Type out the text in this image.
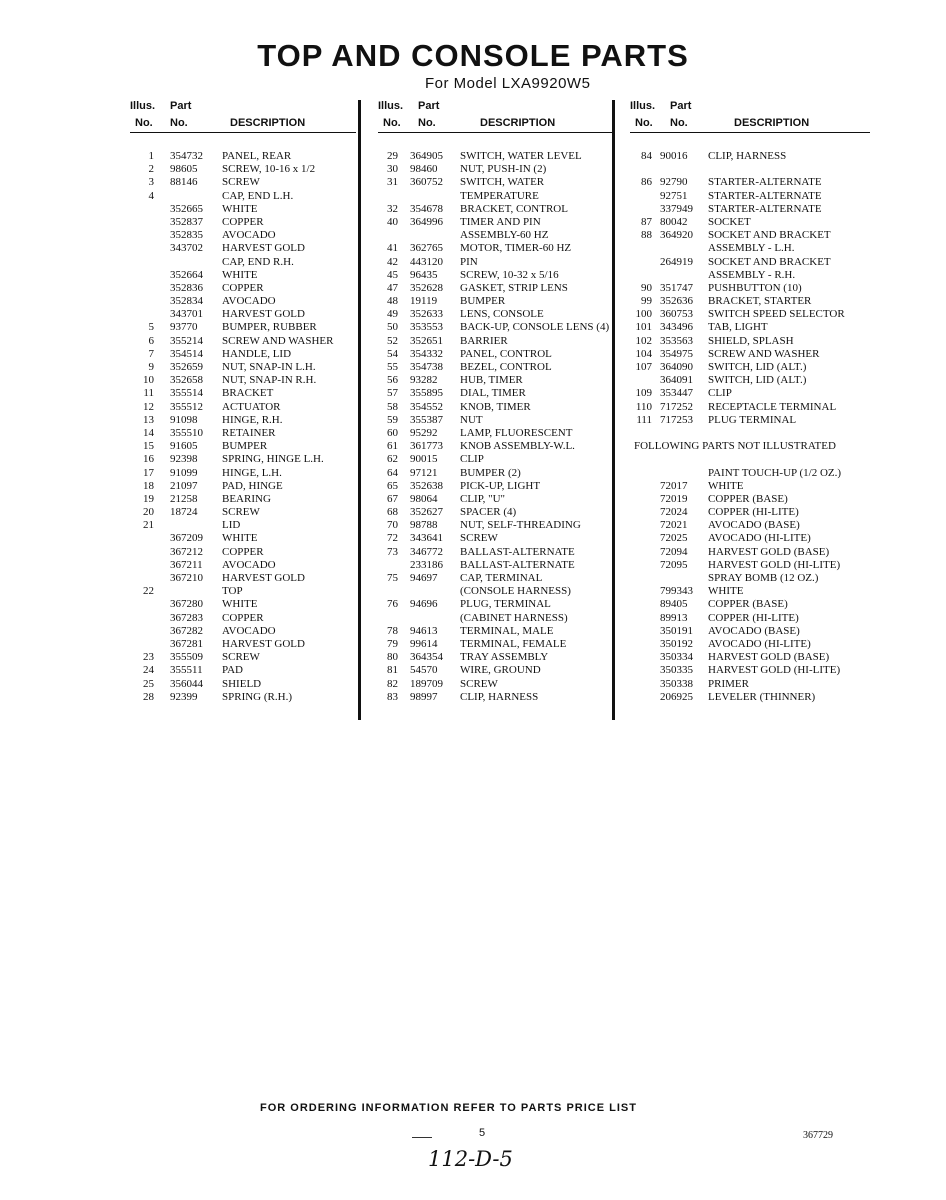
TOP AND CONSOLE PARTS
For Model LXA9920W5
Illus. Part
No. No.	DESCRIPTION
1 354732 PANEL, REAR
2 98605 SCREW, 10-16 x 1/2
3 88146 SCREW
4	CAP, END L.H.
352665 WHITE
352837 COPPER
352835 AVOCADO
343702 HARVEST GOLD
CAP, END R.H.
352664 WHITE
352836 COPPER
352834 AVOCADO
343701 HARVEST GOLD
5 93770 BUMPER, RUBBER
6 355214 SCREW AND WASHER
7 354514 HANDLE, LID
9 352659 NUT, SNAP-IN L.H.
10 352658 NUT, SNAP-IN R.H.
11 355514 BRACKET
12 355512 ACTUATOR
13 91098 HINGE, R.H.
14 355510 RETAINER
15 91605 BUMPER
16 92398 SPRING, HINGE L.H.
17 91099 HINGE, L.H.
18 21097 PAD, HINGE
19 21258 BEARING
20 18724 SCREW
21	LID
367209 WHITE
367212 COPPER
367211 AVOCADO
367210 HARVEST GOLD
22	TOP
367280 WHITE
367283 COPPER
367282 AVOCADO
367281 HARVEST GOLD
23 355509 SCREW
24 355511 PAD
25 356044 SHIELD
28 92399 SPRING (R.H.)
Illus. Part
No. No.	DESCRIPTION
29 364905 SWITCH, WATER LEVEL
30 98460 NUT, PUSH-IN (2)
31 360752 SWITCH, WATER
TEMPERATURE
32 354678 BRACKET, CONTROL
40 364996 TIMER AND PIN
ASSEMBLY-60 HZ
41 362765 MOTOR, TIMER-60 HZ
42 443120 PIN
45 96435 SCREW, 10-32 x 5/16
47 352628 GASKET, STRIP LENS
48 19119 BUMPER
49 352633 LENS, CONSOLE
50 353553 BACK-UP, CONSOLE LENS (4)
52 352651 BARRIER
54 354332 PANEL, CONTROL
55 354738 BEZEL, CONTROL
56 93282 HUB, TIMER
57 355895 DIAL, TIMER
58 354552 KNOB, TIMER
59 355387 NUT
60 95292 LAMP, FLUORESCENT
61 361773 KNOB ASSEMBLY-W.L.
62 90015 CLIP
64 97121 BUMPER (2)
65 352638 PICK-UP, LIGHT
67 98064 CLIP, "U"
68 352627 SPACER (4)
70 98788 NUT, SELF-THREADING
72 343641 SCREW
73 346772 BALLAST-ALTERNATE
233186 BALLAST-ALTERNATE
75 94697 CAP, TERMINAL
(CONSOLE HARNESS)
76 94696 PLUG, TERMINAL
(CABINET HARNESS)
78 94613 TERMINAL, MALE
79 99614 TERMINAL, FEMALE
80 364354 TRAY ASSEMBLY
81 54570 WIRE, GROUND
82 189709 SCREW
83 98997 CLIP, HARNESS
Illus. Part
No. No.	DESCRIPTION
84 90016 CLIP, HARNESS
86 92790 STARTER-ALTERNATE
92751 STARTER-ALTERNATE
337949 STARTER-ALTERNATE
87 80042 SOCKET
88 364920 SOCKET AND BRACKET
ASSEMBLY - L.H.
264919 SOCKET AND BRACKET
ASSEMBLY - R.H.
90 351747 PUSHBUTTON (10)
99 352636 BRACKET, STARTER
100 360753 SWITCH SPEED SELECTOR
101 343496 TAB, LIGHT
102 353563 SHIELD, SPLASH
104 354975 SCREW AND WASHER
107 364090 SWITCH, LID (ALT.)
364091 SWITCH, LID (ALT.)
109 353447 CLIP
110 717252 RECEPTACLE TERMINAL
111 717253 PLUG TERMINAL
FOLLOWING PARTS NOT ILLUSTRATED
PAINT TOUCH-UP (1/2 OZ.)
72017 WHITE
72019 COPPER (BASE)
72024 COPPER (HI-LITE)
72021 AVOCADO (BASE)
72025 AVOCADO (HI-LITE)
72094 HARVEST GOLD (BASE)
72095 HARVEST GOLD (HI-LITE)
SPRAY BOMB (12 OZ.)
799343 WHITE
89405 COPPER (BASE)
89913 COPPER (HI-LITE)
350191 AVOCADO (BASE)
350192 AVOCADO (HI-LITE)
350334 HARVEST GOLD (BASE)
350335 HARVEST GOLD (HI-LITE)
350338 PRIMER
206925 LEVELER (THINNER)
FOR ORDERING INFORMATION REFER TO PARTS PRICE LIST
5	367729
112-D-5
